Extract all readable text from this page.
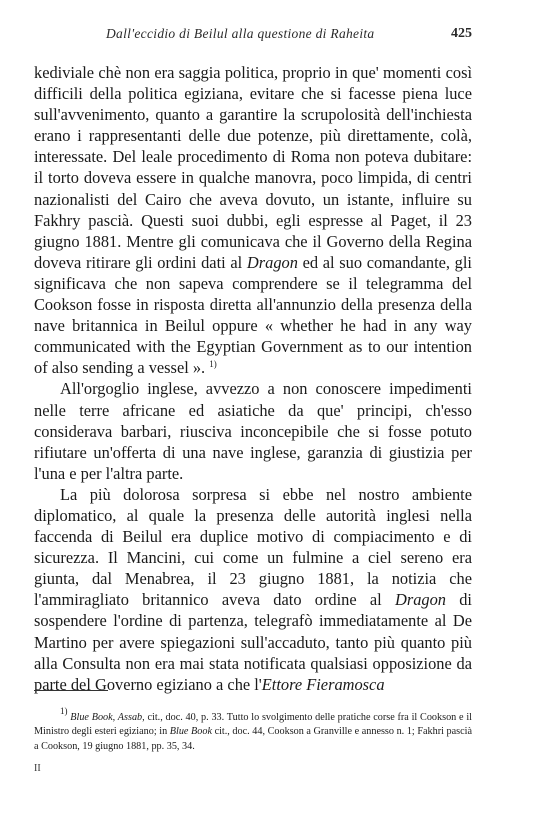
Dall'eccidio di Beilul alla questione di Raheita	425

kediviale chè non era saggia politica, proprio in que' momenti così difficili della politica egiziana, evitare che si facesse piena luce sull'avvenimento, quanto a garantire la scrupolosità dell'inchiesta erano i rappresentanti delle due potenze, più direttamente, colà, interessate. Del leale procedimento di Roma non poteva dubitare: il torto doveva essere in qualche manovra, poco limpida, di centri nazionalisti del Cairo che aveva dovuto, un istante, influire su Fakhry pascià. Questi suoi dubbi, egli espresse al Paget, il 23 giugno 1881. Mentre gli comunicava che il Governo della Regina doveva ritirare gli ordini dati al Dragon ed al suo comandante, gli significava che non sapeva comprendere se il telegramma del Cookson fosse in risposta diretta all'annunzio della presenza della nave britannica in Beilul oppure « whether he had in any way communicated with the Egyptian Government as to our intention of also sending a vessel ». $^{1)}$

All'orgoglio inglese, avvezzo a non conoscere impedimenti nelle terre africane ed asiatiche da que' principi, ch'esso considerava barbari, riusciva inconcepibile che si fosse potuto rifiutare un'offerta di una nave inglese, garanzia di giustizia per l'una e per l'altra parte.

La più dolorosa sorpresa si ebbe nel nostro ambiente diplomatico, al quale la presenza delle autorità inglesi nella faccenda di Beilul era duplice motivo di compiacimento e di sicurezza. Il Mancini, cui come un fulmine a ciel sereno era giunta, dal Menabrea, il 23 giugno 1881, la notizia che l'ammiragliato britannico aveva dato ordine al Dragon di sospendere l'ordine di partenza, telegrafò immediatamente al De Martino per avere spiegazioni sull'accaduto, tanto più quanto più alla Consulta non era mai stata notificata qualsiasi opposizione da parte del Governo egiziano a che l'Ettore Fieramosca

1) Blue Book, Assab, cit., doc. 40, p. 33. Tutto lo svolgimento delle pratiche corse fra il Cookson e il Ministro degli esteri egiziano; in Blue Book cit., doc. 44, Cookson a Granville e annesso n. 1; Fakhri pascià a Cookson, 19 giugno 1881, pp. 35, 34.
II
